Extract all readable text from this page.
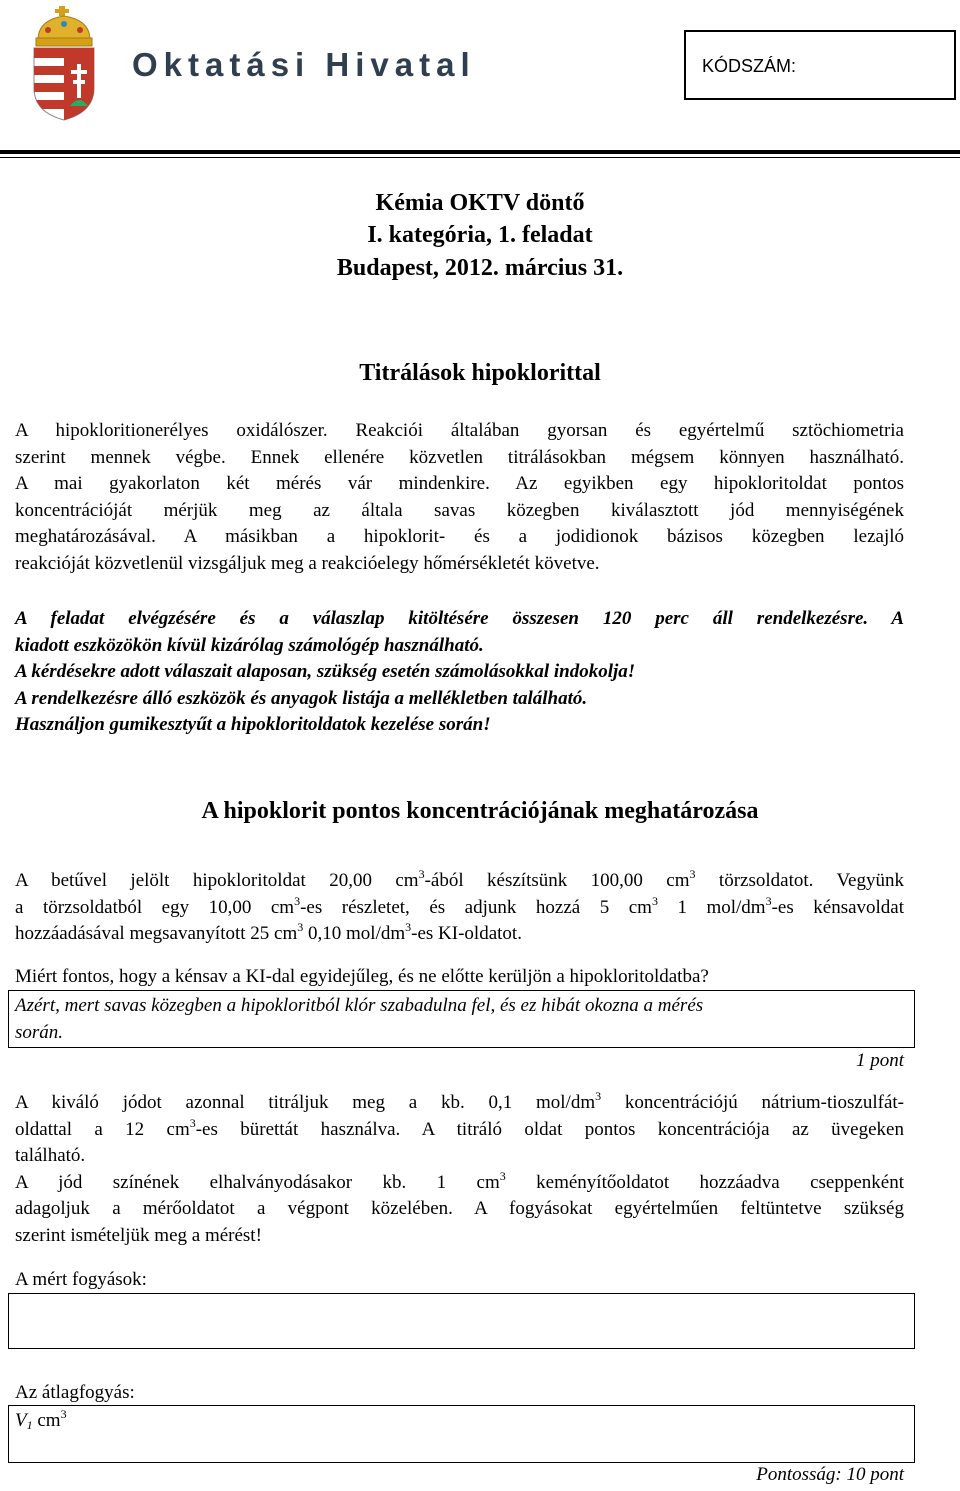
Oktatási Hivatal	KÓDSZÁM:
Kémia OKTV döntő
I. kategória, 1. feladat
Budapest, 2012. március 31.
Titrálások hipoklorittal
A hipokloritionerélyes oxidálószer. Reakciói általában gyorsan és egyértelmű sztöchiometria
szerint mennek végbe. Ennek ellenére közvetlen titrálásokban mégsem könnyen használható.
A mai gyakorlaton két mérés vár mindenkire. Az egyikben egy hipokloritoldat pontos
koncentrációját mérjük meg az általa savas közegben kiválasztott jód mennyiségének
meghatározásával. A másikban a hipoklorit- és a jodidionok bázisos közegben lezajló
reakcióját közvetlenül vizsgáljuk meg a reakcióelegy hőmérsékletét követve.
A feladat elvégzésére és a válaszlap kitöltésére összesen 120 perc áll rendelkezésre. A
kiadott eszközökön kívül kizárólag számológép használható.
A kérdésekre adott válaszait alaposan, szükség esetén számolásokkal indokolja!
A rendelkezésre álló eszközök és anyagok listája a mellékletben található.
Használjon gumikesztyűt a hipokloritoldatok kezelése során!
A hipoklorit pontos koncentrációjának meghatározása
A betűvel jelölt hipokloritoldat 20,00 $cm^3$-ából készítsünk 100,00 $cm^3$ törzsoldatot. Vegyünk
a törzsoldatból egy 10,00 $cm^3-es$ részletet, és adjunk hozzá 5 $cm^3$ 1 mol/$dm^3-es$ kénsavoldat
hozzáadásával megsavanyított 25 $cm^3$ 0,10 mol/$dm^3-es$ KI-oldatot.
Miért fontos, hogy a kénsav a KI-dal egyidejűleg, és ne előtte kerüljön a hipokloritoldatba?
Azért, mert savas közegben a hipokloritból klór szabadulna fel, és ez hibát okozna a mérés
során.
1 pont
A kiváló jódot azonnal titráljuk meg a kb. 0,1 mol/$dm^3$ koncentrációjú nátrium-tioszulfát-
oldattal a 12 $cm^3-es$ bürettát használva. A titráló oldat pontos koncentrációja az üvegeken
található.
A jód színének elhalványodásakor kb. 1 $cm^3$ keményítőoldatot hozzáadva cseppenként
adagoljuk a mérőoldatot a végpont közelében. A fogyásokat egyértelműen feltüntetve szükség
szerint ismételjük meg a mérést!
A mért fogyások:
Az átlagfogyás:
$V_1$ $cm^3$
Pontosság: 10 pont
